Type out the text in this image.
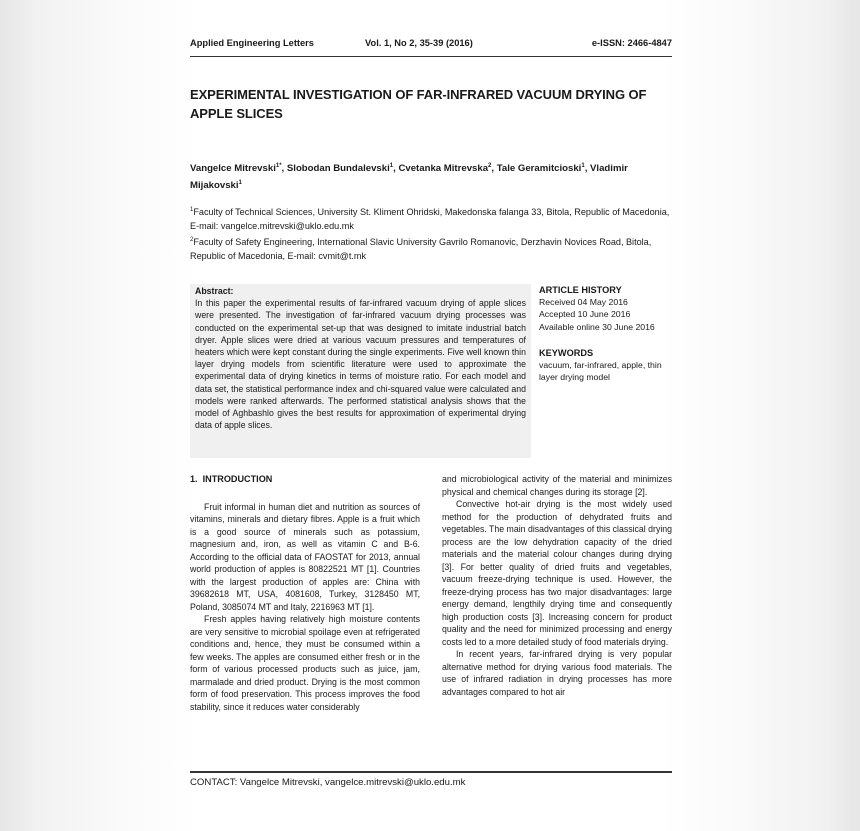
Applied Engineering Letters	Vol. 1, No 2, 35-39 (2016)	e-ISSN: 2466-4847
EXPERIMENTAL INVESTIGATION OF FAR-INFRARED VACUUM DRYING OF APPLE SLICES
Vangelce Mitrevski$^{1*}$, Slobodan Bundalevski$^1$, Cvetanka Mitrevska$^2$, Tale Geramitcioski$^1$, Vladimir Mijakovski$^1$
$^1$Faculty of Technical Sciences, University St. Kliment Ohridski, Makedonska falanga 33, Bitola, Republic of Macedonia, E-mail: vangelce.mitrevski@uklo.edu.mk
$^2$Faculty of Safety Engineering, International Slavic University Gavrilo Romanovic, Derzhavin Novices Road, Bitola, Republic of Macedonia, E-mail: cvmit@t.mk
Abstract:
In this paper the experimental results of far-infrared vacuum drying of apple slices were presented. The investigation of far-infrared vacuum drying processes was conducted on the experimental set-up that was designed to imitate industrial batch dryer. Apple slices were dried at various vacuum pressures and temperatures of heaters which were kept constant during the single experiments. Five well known thin layer drying models from scientific literature were used to approximate the experimental data of drying kinetics in terms of moisture ratio. For each model and data set, the statistical performance index and chi-squared value were calculated and models were ranked afterwards. The performed statistical analysis shows that the model of Aghbashlo gives the best results for approximation of experimental drying data of apple slices.
ARTICLE HISTORY
Received 04 May 2016
Accepted 10 June 2016
Available online 30 June 2016
KEYWORDS
vacuum, far-infrared, apple, thin layer drying model
1.  INTRODUCTION

Fruit informal in human diet and nutrition as sources of vitamins, minerals and dietary fibres. Apple is a fruit which is a good source of minerals such as potassium, magnesium and, iron, as well as vitamin C and B-6. According to the official data of FAOSTAT for 2013, annual world production of apples is 80822521 MT [1]. Countries with the largest production of apples are: China with 39682618 MT, USA, 4081608, Turkey, 3128450 MT, Poland, 3085074 MT and Italy, 2216963 MT [1].

Fresh apples having relatively high moisture contents are very sensitive to microbial spoilage even at refrigerated conditions and, hence, they must be consumed within a few weeks. The apples are consumed either fresh or in the form of various processed products such as juice, jam, marmalade and dried product. Drying is the most common form of food preservation. This process improves the food stability, since it reduces water considerably

and microbiological activity of the material and minimizes physical and chemical changes during its storage [2].

Convective hot-air drying is the most widely used method for the production of dehydrated fruits and vegetables. The main disadvantages of this classical drying process are the low dehydration capacity of the dried materials and the material colour changes during drying [3]. For better quality of dried fruits and vegetables, vacuum freeze-drying technique is used. However, the freeze-drying process has two major disadvantages: large energy demand, lengthily drying time and consequently high production costs [3]. Increasing concern for product quality and the need for minimized processing and energy costs led to a more detailed study of food materials drying.

In recent years, far-infrared drying is very popular alternative method for drying various food materials. The use of infrared radiation in drying processes has more advantages compared to hot air

CONTACT: Vangelce Mitrevski, vangelce.mitrevski@uklo.edu.mk
